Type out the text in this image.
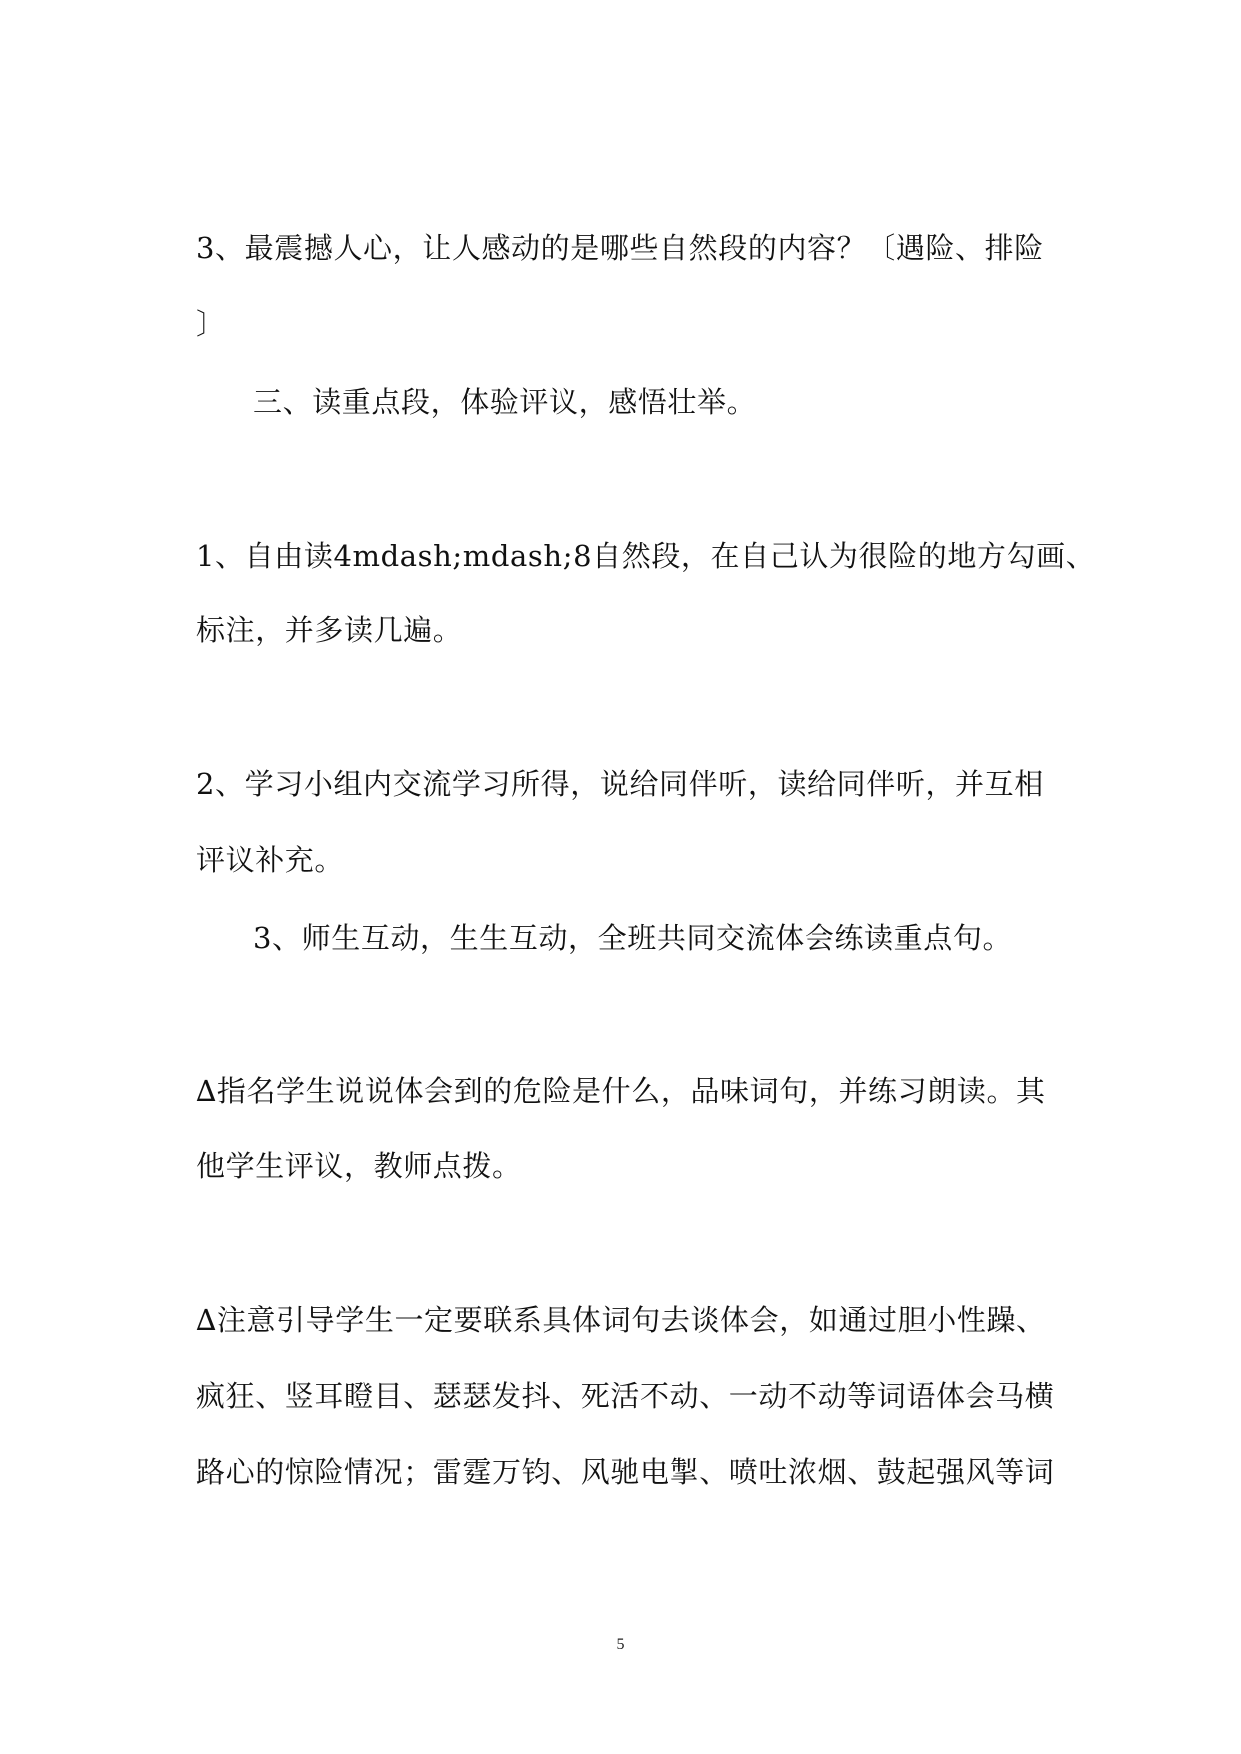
3、最震撼人心，让人感动的是哪些自然段的内容？〔遇险、排险
〕
三、读重点段，体验评议，感悟壮举。
1、自由读4mdash;mdash;8自然段，在自己认为很险的地方勾画、
标注，并多读几遍。
2、学习小组内交流学习所得，说给同伴听，读给同伴听，并互相
评议补充。
3、师生互动，生生互动，全班共同交流体会练读重点句。
∆指名学生说说体会到的危险是什么，品味词句，并练习朗读。其
他学生评议，教师点拨。
∆注意引导学生一定要联系具体词句去谈体会，如通过胆小性躁、
疯狂、竖耳瞪目、瑟瑟发抖、死活不动、一动不动等词语体会马横
路心的惊险情况；雷霆万钧、风驰电掣、喷吐浓烟、鼓起强风等词
5
